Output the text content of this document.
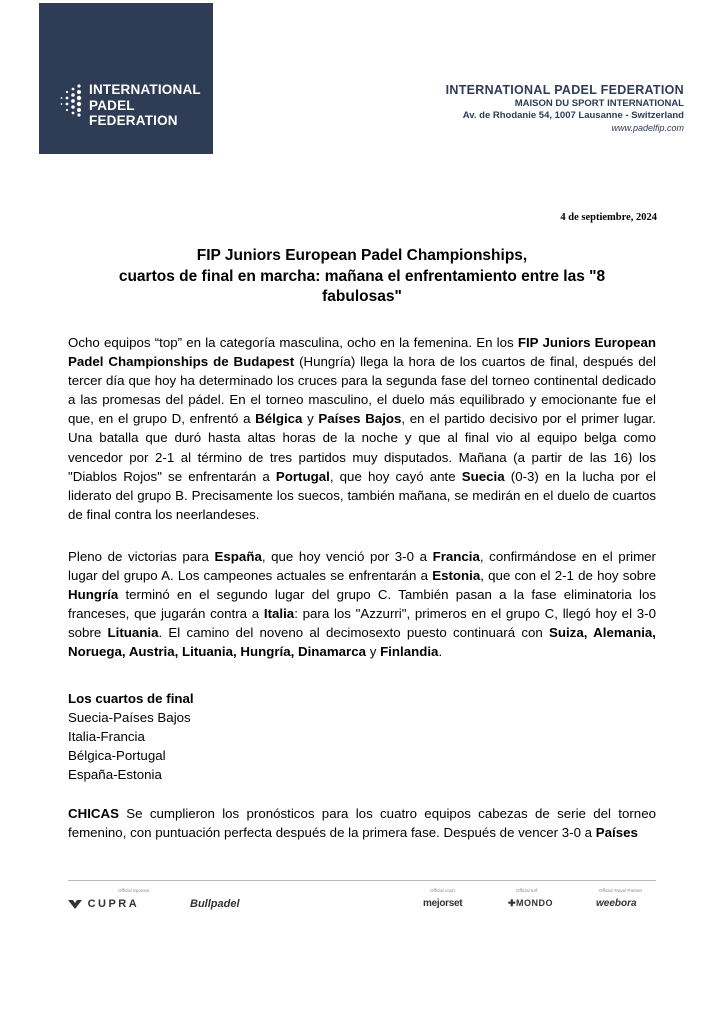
INTERNATIONAL
PADEL
FEDERATION
INTERNATIONAL PADEL FEDERATION
MAISON DU SPORT INTERNATIONAL
Av. de Rhodanie 54, 1007 Lausanne - Switzerland
www.padelfip.com
4 de septiembre, 2024
FIP Juniors European Padel Championships,
cuartos de final en marcha: mañana el enfrentamiento entre las "8
fabulosas"

Ocho equipos “top” en la categoría masculina, ocho en la femenina. En los FIP Juniors European Padel Championships de Budapest (Hungría) llega la hora de los cuartos de final, después del tercer día que hoy ha determinado los cruces para la segunda fase del torneo continental dedicado a las promesas del pádel. En el torneo masculino, el duelo más equilibrado y emocionante fue el que, en el grupo D, enfrentó a Bélgica y Países Bajos, en el partido decisivo por el primer lugar. Una batalla que duró hasta altas horas de la noche y que al final vio al equipo belga como vencedor por 2-1 al término de tres partidos muy disputados. Mañana (a partir de las 16) los "Diablos Rojos" se enfrentarán a Portugal, que hoy cayó ante Suecia (0-3) en la lucha por el liderato del grupo B. Precisamente los suecos, también mañana, se medirán en el duelo de cuartos de final contra los neerlandeses.

Pleno de victorias para España, que hoy venció por 3-0 a Francia, confirmándose en el primer lugar del grupo A. Los campeones actuales se enfrentarán a Estonia, que con el 2-1 de hoy sobre Hungría terminó en el segundo lugar del grupo C. También pasan a la fase eliminatoria los franceses, que jugarán contra a Italia: para los "Azzurri", primeros en el grupo C, llegó hoy el 3-0 sobre Lituania. El camino del noveno al decimosexto puesto continuará con Suiza, Alemania, Noruega, Austria, Lituania, Hungría, Dinamarca y Finlandia.

Los cuartos de final
Suecia-Países Bajos
Italia-Francia
Bélgica-Portugal
España-Estonia

CHICAS Se cumplieron los pronósticos para los cuatro equipos cabezas de serie del torneo femenino, con puntuación perfecta después de la primera fase. Después de vencer 3-0 a Países

Official Sponsor	Official court	Official turf	Official Travel Partner
CUPRA	Bullpadel	mejorset	✚MONDO	weebora
